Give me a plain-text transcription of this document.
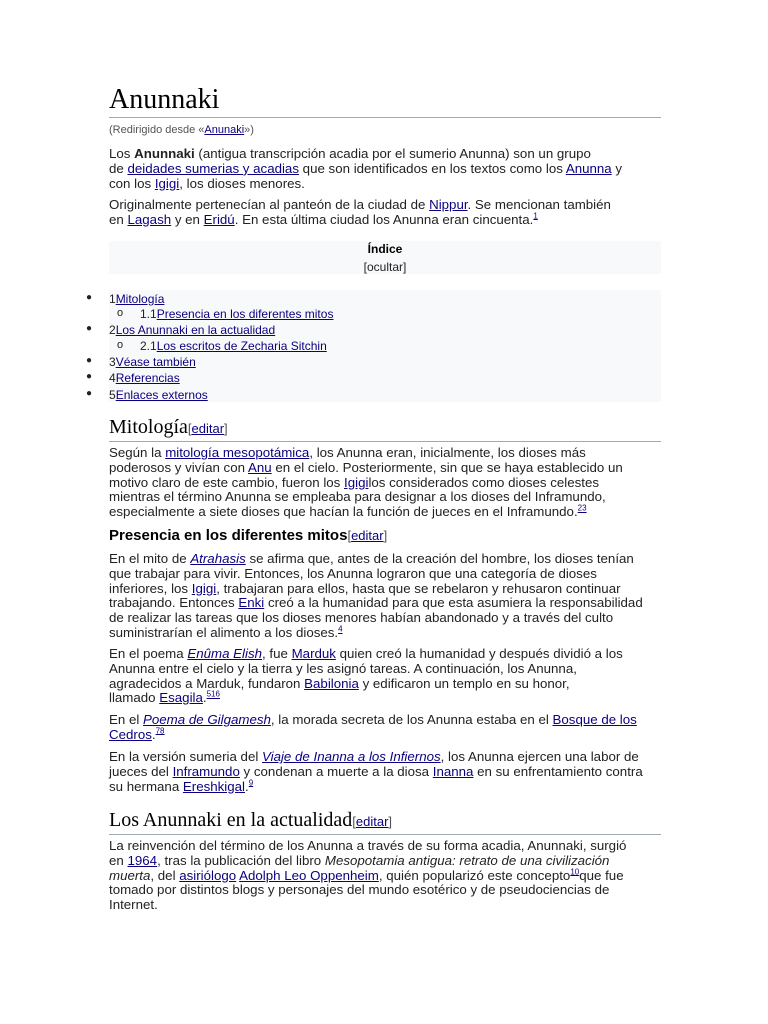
Anunnaki
(Redirigido desde «Anunaki»)
Los Anunnaki (antigua transcripción acadia por el sumerio Anunna) son un grupo
de deidades sumerias y acadias que son identificados en los textos como los Anunna y
con los Igigi, los dioses menores.
Originalmente pertenecían al panteón de la ciudad de Nippur. Se mencionan también
en Lagash y en Eridú. En esta última ciudad los Anunna eran cincuenta.$^1$
Índice
[ocultar]
● 1Mitología
o 1.1Presencia en los diferentes mitos
● 2Los Anunnaki en la actualidad
o 2.1Los escritos de Zecharia Sitchin
● 3Véase también
● 4Referencias
● 5Enlaces externos
Mitología[editar]
Según la mitología mesopotámica, los Anunna eran, inicialmente, los dioses más
poderosos y vivían con Anu en el cielo. Posteriormente, sin que se haya establecido un
motivo claro de este cambio, fueron los Igigilos considerados como dioses celestes
mientras el término Anunna se empleaba para designar a los dioses del Inframundo,
especialmente a siete dioses que hacían la función de jueces en el Inframundo.$^{23}$
Presencia en los diferentes mitos[editar]
En el mito de Atrahasis se afirma que, antes de la creación del hombre, los dioses tenían
que trabajar para vivir. Entonces, los Anunna lograron que una categoría de dioses
inferiores, los Igigi, trabajaran para ellos, hasta que se rebelaron y rehusaron continuar
trabajando. Entonces Enki creó a la humanidad para que esta asumiera la responsabilidad
de realizar las tareas que los dioses menores habían abandonado y a través del culto
suministrarían el alimento a los dioses.$^4$
En el poema Enûma Elish, fue Marduk quien creó la humanidad y después dividió a los
Anunna entre el cielo y la tierra y les asignó tareas. A continuación, los Anunna,
agradecidos a Marduk, fundaron Babilonia y edificaron un templo en su honor,
llamado Esagila.$^{516}$
En el Poema de Gilgamesh, la morada secreta de los Anunna estaba en el Bosque de los
Cedros.$^{78}$
En la versión sumeria del Viaje de Inanna a los Infiernos, los Anunna ejercen una labor de
jueces del Inframundo y condenan a muerte a la diosa Inanna en su enfrentamiento contra
su hermana Ereshkigal.$^9$
Los Anunnaki en la actualidad[editar]
La reinvención del término de los Anunna a través de su forma acadia, Anunnaki, surgió
en 1964, tras la publicación del libro Mesopotamia antigua: retrato de una civilización
muerta, del asiriólogo Adolph Leo Oppenheim, quién popularizó este concepto$^{10}$que fue
tomado por distintos blogs y personajes del mundo esotérico y de pseudociencias de
Internet.
